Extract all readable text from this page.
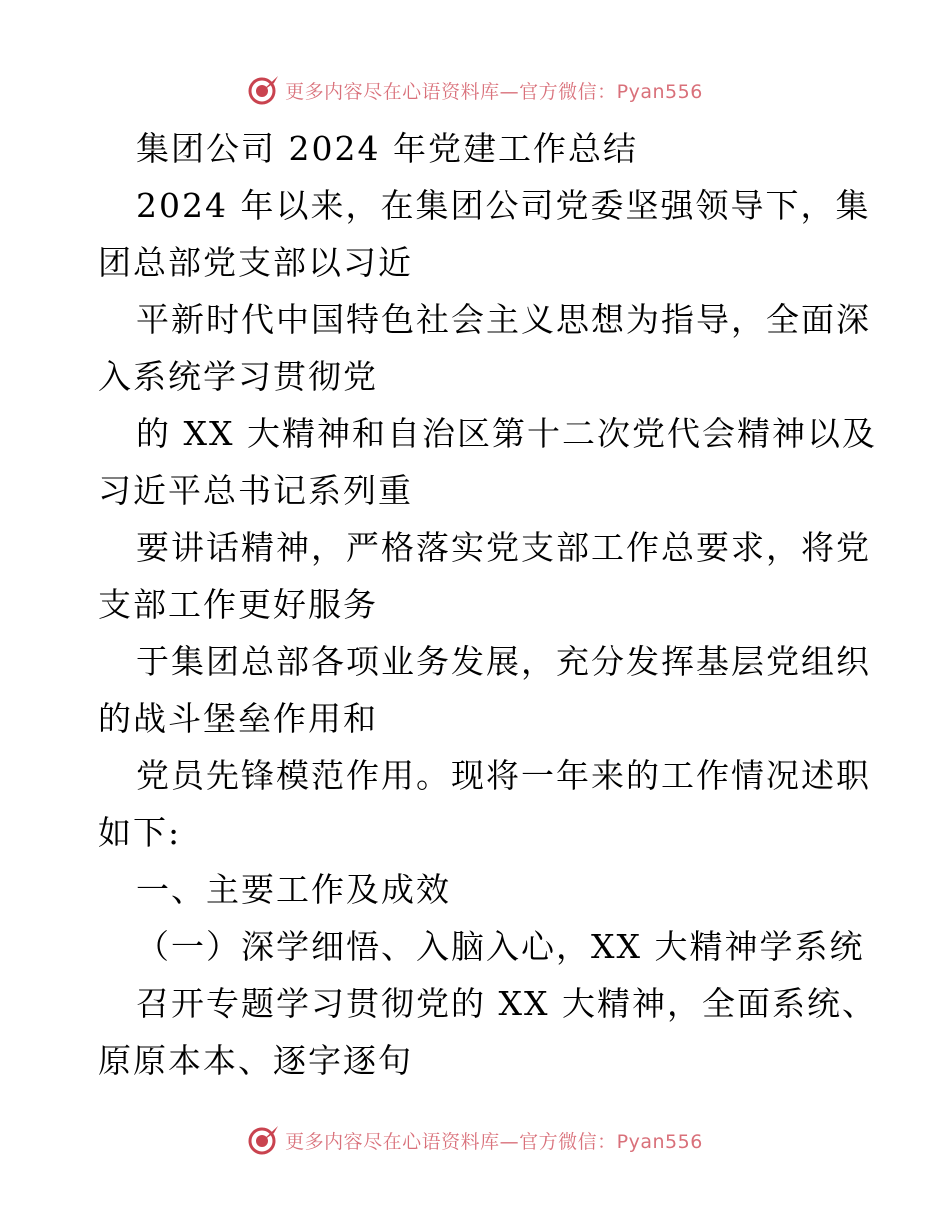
更多内容尽在心语资料库—官方微信：Pyan556
集团公司 2024 年党建工作总结
2024 年以来，在集团公司党委坚强领导下，集
团总部党支部以习近
平新时代中国特色社会主义思想为指导，全面深
入系统学习贯彻党
的 XX 大精神和自治区第十二次党代会精神以及
习近平总书记系列重
要讲话精神，严格落实党支部工作总要求，将党
支部工作更好服务
于集团总部各项业务发展，充分发挥基层党组织
的战斗堡垒作用和
党员先锋模范作用。现将一年来的工作情况述职
如下:
一、主要工作及成效
（一）深学细悟、入脑入心，XX 大精神学系统
召开专题学习贯彻党的 XX 大精神，全面系统、
原原本本、逐字逐句
更多内容尽在心语资料库—官方微信：Pyan556
